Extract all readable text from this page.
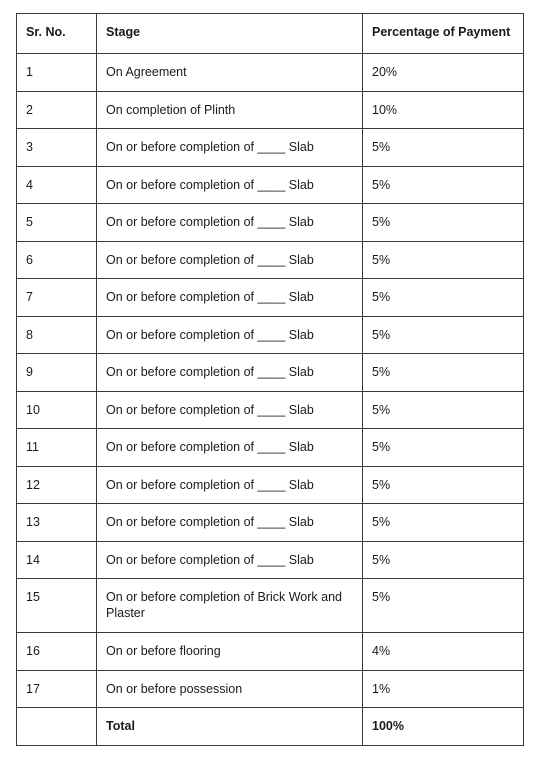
Sr. No.	Stage	Percentage of Payment
1	On Agreement	20%
2	On completion of Plinth	10%
3	On or before completion of ____ Slab	5%
4	On or before completion of ____ Slab	5%
5	On or before completion of ____ Slab	5%
6	On or before completion of ____ Slab	5%
7	On or before completion of ____ Slab	5%
8	On or before completion of ____ Slab	5%
9	On or before completion of ____ Slab	5%
10	On or before completion of ____ Slab	5%
11	On or before completion of ____ Slab	5%
12	On or before completion of ____ Slab	5%
13	On or before completion of ____ Slab	5%
14	On or before completion of ____ Slab	5%
15	On or before completion of Brick Work and Plaster	5%
16	On or before flooring	4%
17	On or before possession	1%
	Total	100%
